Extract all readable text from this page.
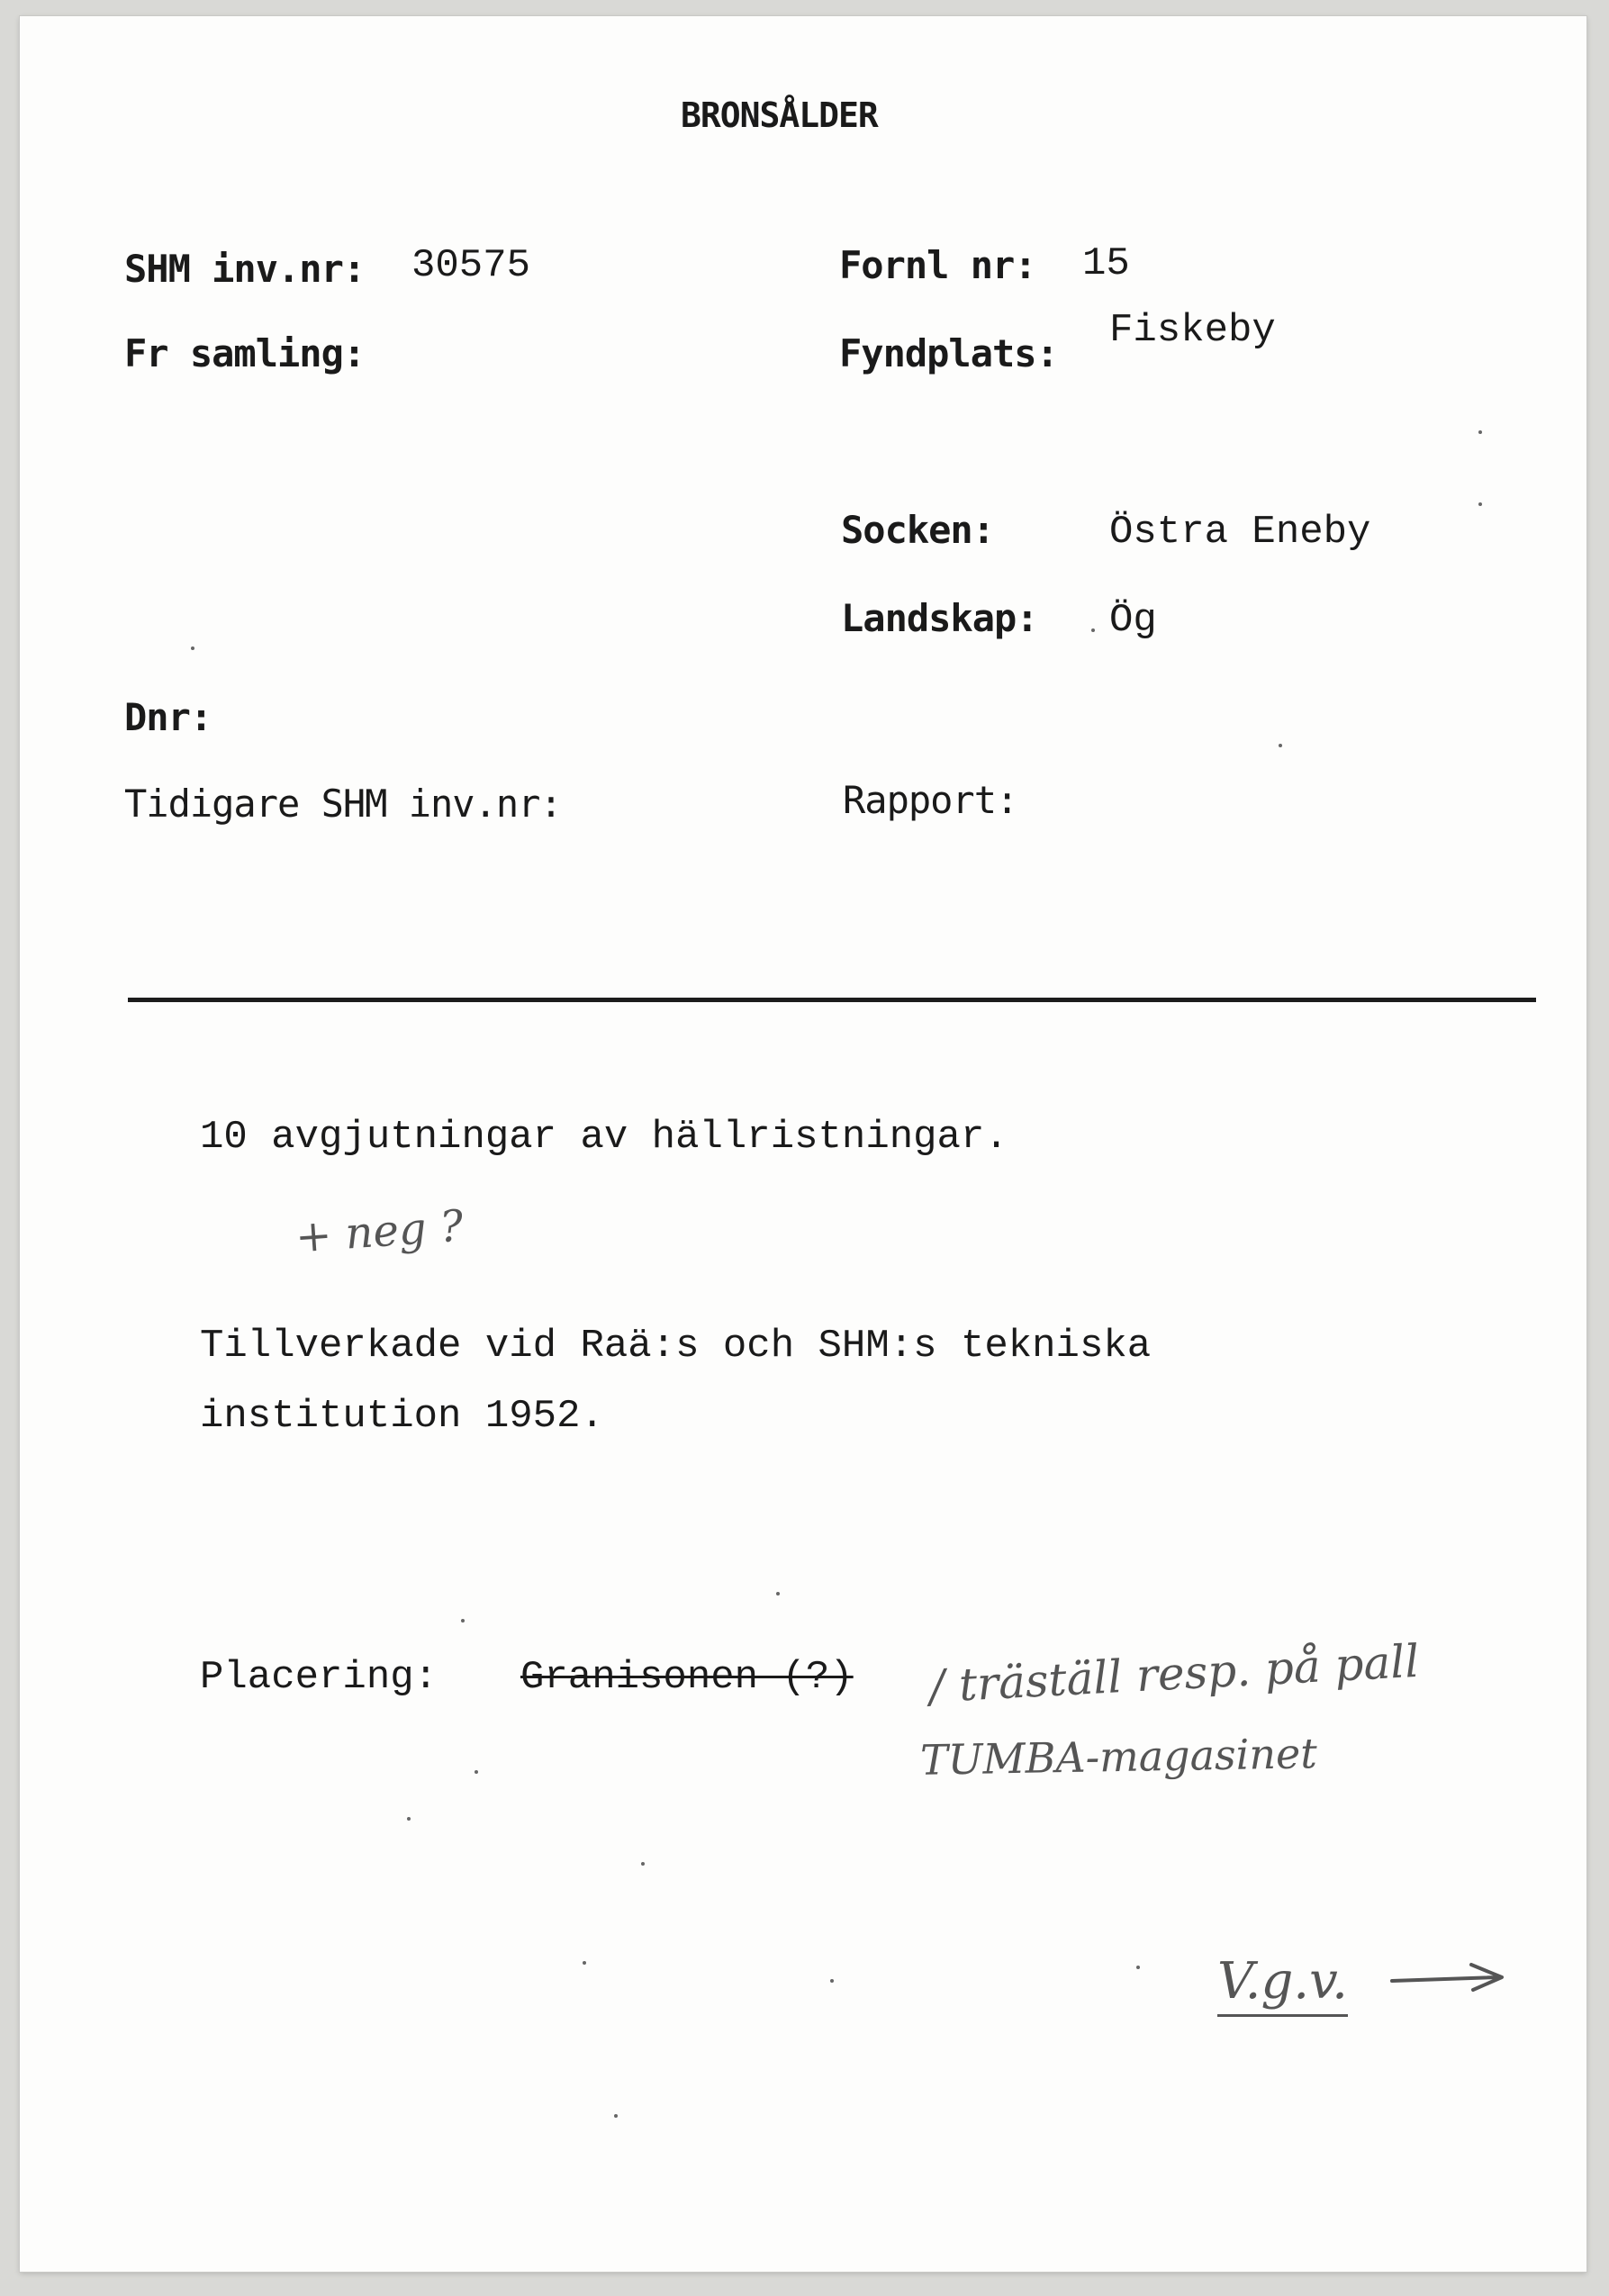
BRONSÅLDER
SHM inv.nr: 30575
Fr samling:
Dnr:
Tidigare SHM inv.nr:
Fornl nr: 15
Fyndplats:
Fiskeby
Socken:	Östra Eneby
Landskap: Ög
Rapport:
10 avgjutningar av hällristningar.
+ neg ?
Tillverkade vid Raä:s och SHM:s tekniska
institution 1952.
Placering: Granisonen (?) / träställ resp. på pall
TUMBA-magasinet
V.g.v.
